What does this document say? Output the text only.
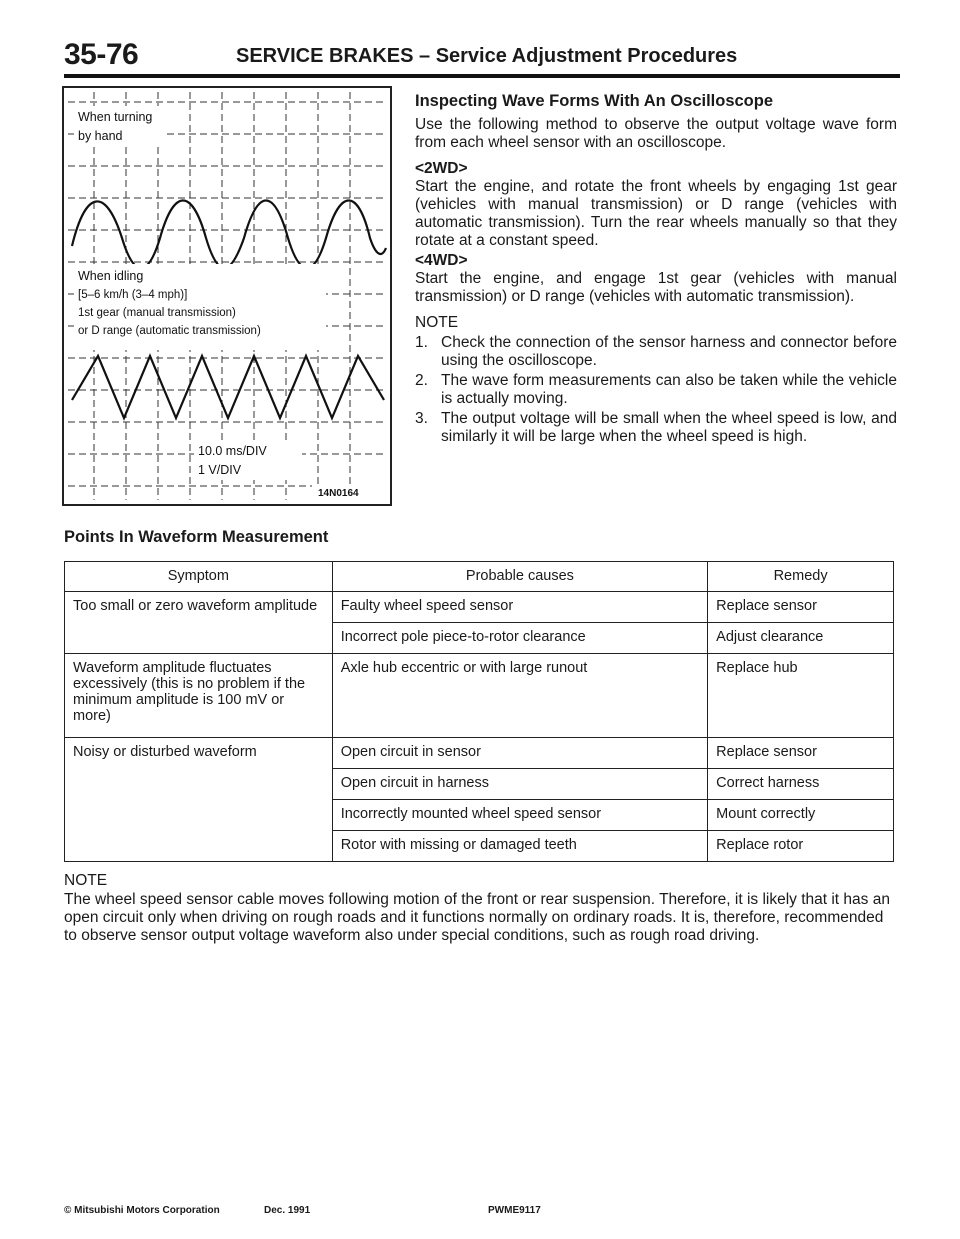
35-76	SERVICE BRAKES – Service Adjustment Procedures
When turning
by hand
When idling
[5–6 km/h (3–4 mph)]
1st gear (manual transmission)
or D range (automatic transmission)
10.0 ms/DIV
1 V/DIV
14N0164
Inspecting Wave Forms With An Oscilloscope

Use the following method to observe the output voltage wave form from each wheel sensor with an oscilloscope.

<2WD>

Start the engine, and rotate the front wheels by engaging 1st gear (vehicles with manual transmission) or D range (vehicles with automatic transmission). Turn the rear wheels manually so that they rotate at a constant speed.

<4WD>

Start the engine, and engage 1st gear (vehicles with manual transmission) or D range (vehicles with automatic transmission).

NOTE
1. Check the connection of the sensor harness and connector before using the oscilloscope.
2. The wave form measurements can also be taken while the vehicle is actually moving.
3. The output voltage will be small when the wheel speed is low, and similarly it will be large when the wheel speed is high.
Points In Waveform Measurement
Symptom	Probable causes	Remedy
Too small or zero waveform amplitude	Faulty wheel speed sensor	Replace sensor
	Incorrect pole piece-to-rotor clearance	Adjust clearance
Waveform amplitude fluctuates excessively (this is no problem if the minimum amplitude is 100 mV or more)	Axle hub eccentric or with large runout	Replace hub
Noisy or disturbed waveform	Open circuit in sensor	Replace sensor
	Open circuit in harness	Correct harness
	Incorrectly mounted wheel speed sensor	Mount correctly
	Rotor with missing or damaged teeth	Replace rotor
NOTE
The wheel speed sensor cable moves following motion of the front or rear suspension. Therefore, it is likely that it has an open circuit only when driving on rough roads and it functions normally on ordinary roads. It is, therefore, recommended to observe sensor output voltage waveform also under special conditions, such as rough road driving.
© Mitsubishi Motors Corporation	Dec. 1991	PWME9117
